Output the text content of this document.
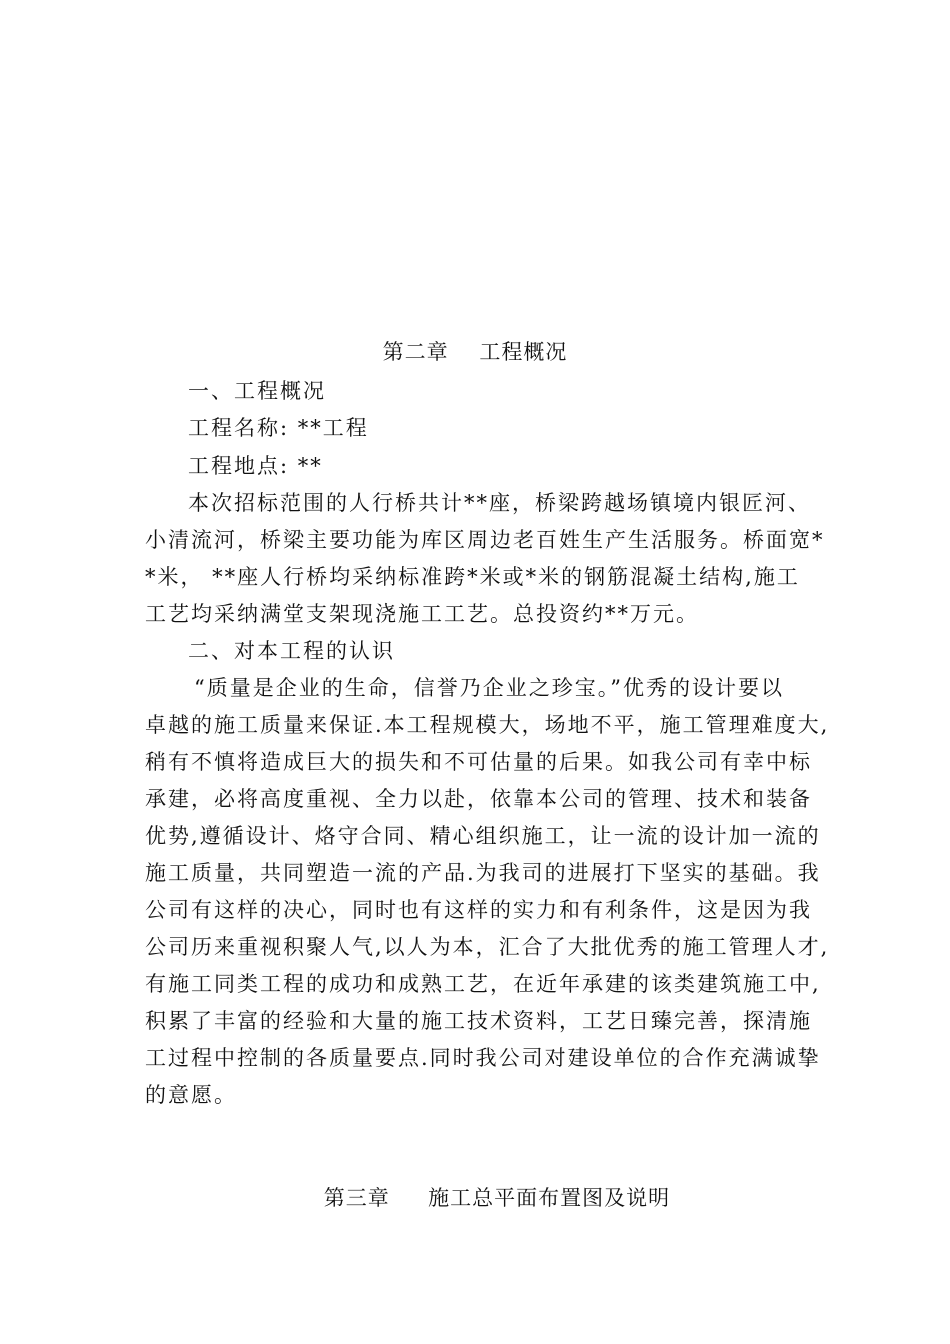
第二章    工程概况
一、工程概况
工程名称: **工程
工程地点: **
本次招标范围的人行桥共计**座，桥梁跨越场镇境内银匠河、
小清流河，桥梁主要功能为库区周边老百姓生产生活服务。桥面宽*
*米， **座人行桥均采纳标准跨*米或*米的钢筋混凝土结构,施工
工艺均采纳满堂支架现浇施工工艺。总投资约**万元。
二、对本工程的认识
“质量是企业的生命，信誉乃企业之珍宝。”优秀的设计要以
卓越的施工质量来保证.本工程规模大，场地不平，施工管理难度大,
稍有不慎将造成巨大的损失和不可估量的后果。如我公司有幸中标
承建，必将高度重视、全力以赴，依靠本公司的管理、技术和装备
优势,遵循设计、烙守合同、精心组织施工，让一流的设计加一流的
施工质量，共同塑造一流的产品.为我司的进展打下坚实的基础。我
公司有这样的决心，同时也有这样的实力和有利条件，这是因为我
公司历来重视积聚人气,以人为本，汇合了大批优秀的施工管理人才,
有施工同类工程的成功和成熟工艺，在近年承建的该类建筑施工中,
积累了丰富的经验和大量的施工技术资料，工艺日臻完善，探清施
工过程中控制的各质量要点.同时我公司对建设单位的合作充满诚挚
的意愿。
第三章     施工总平面布置图及说明
